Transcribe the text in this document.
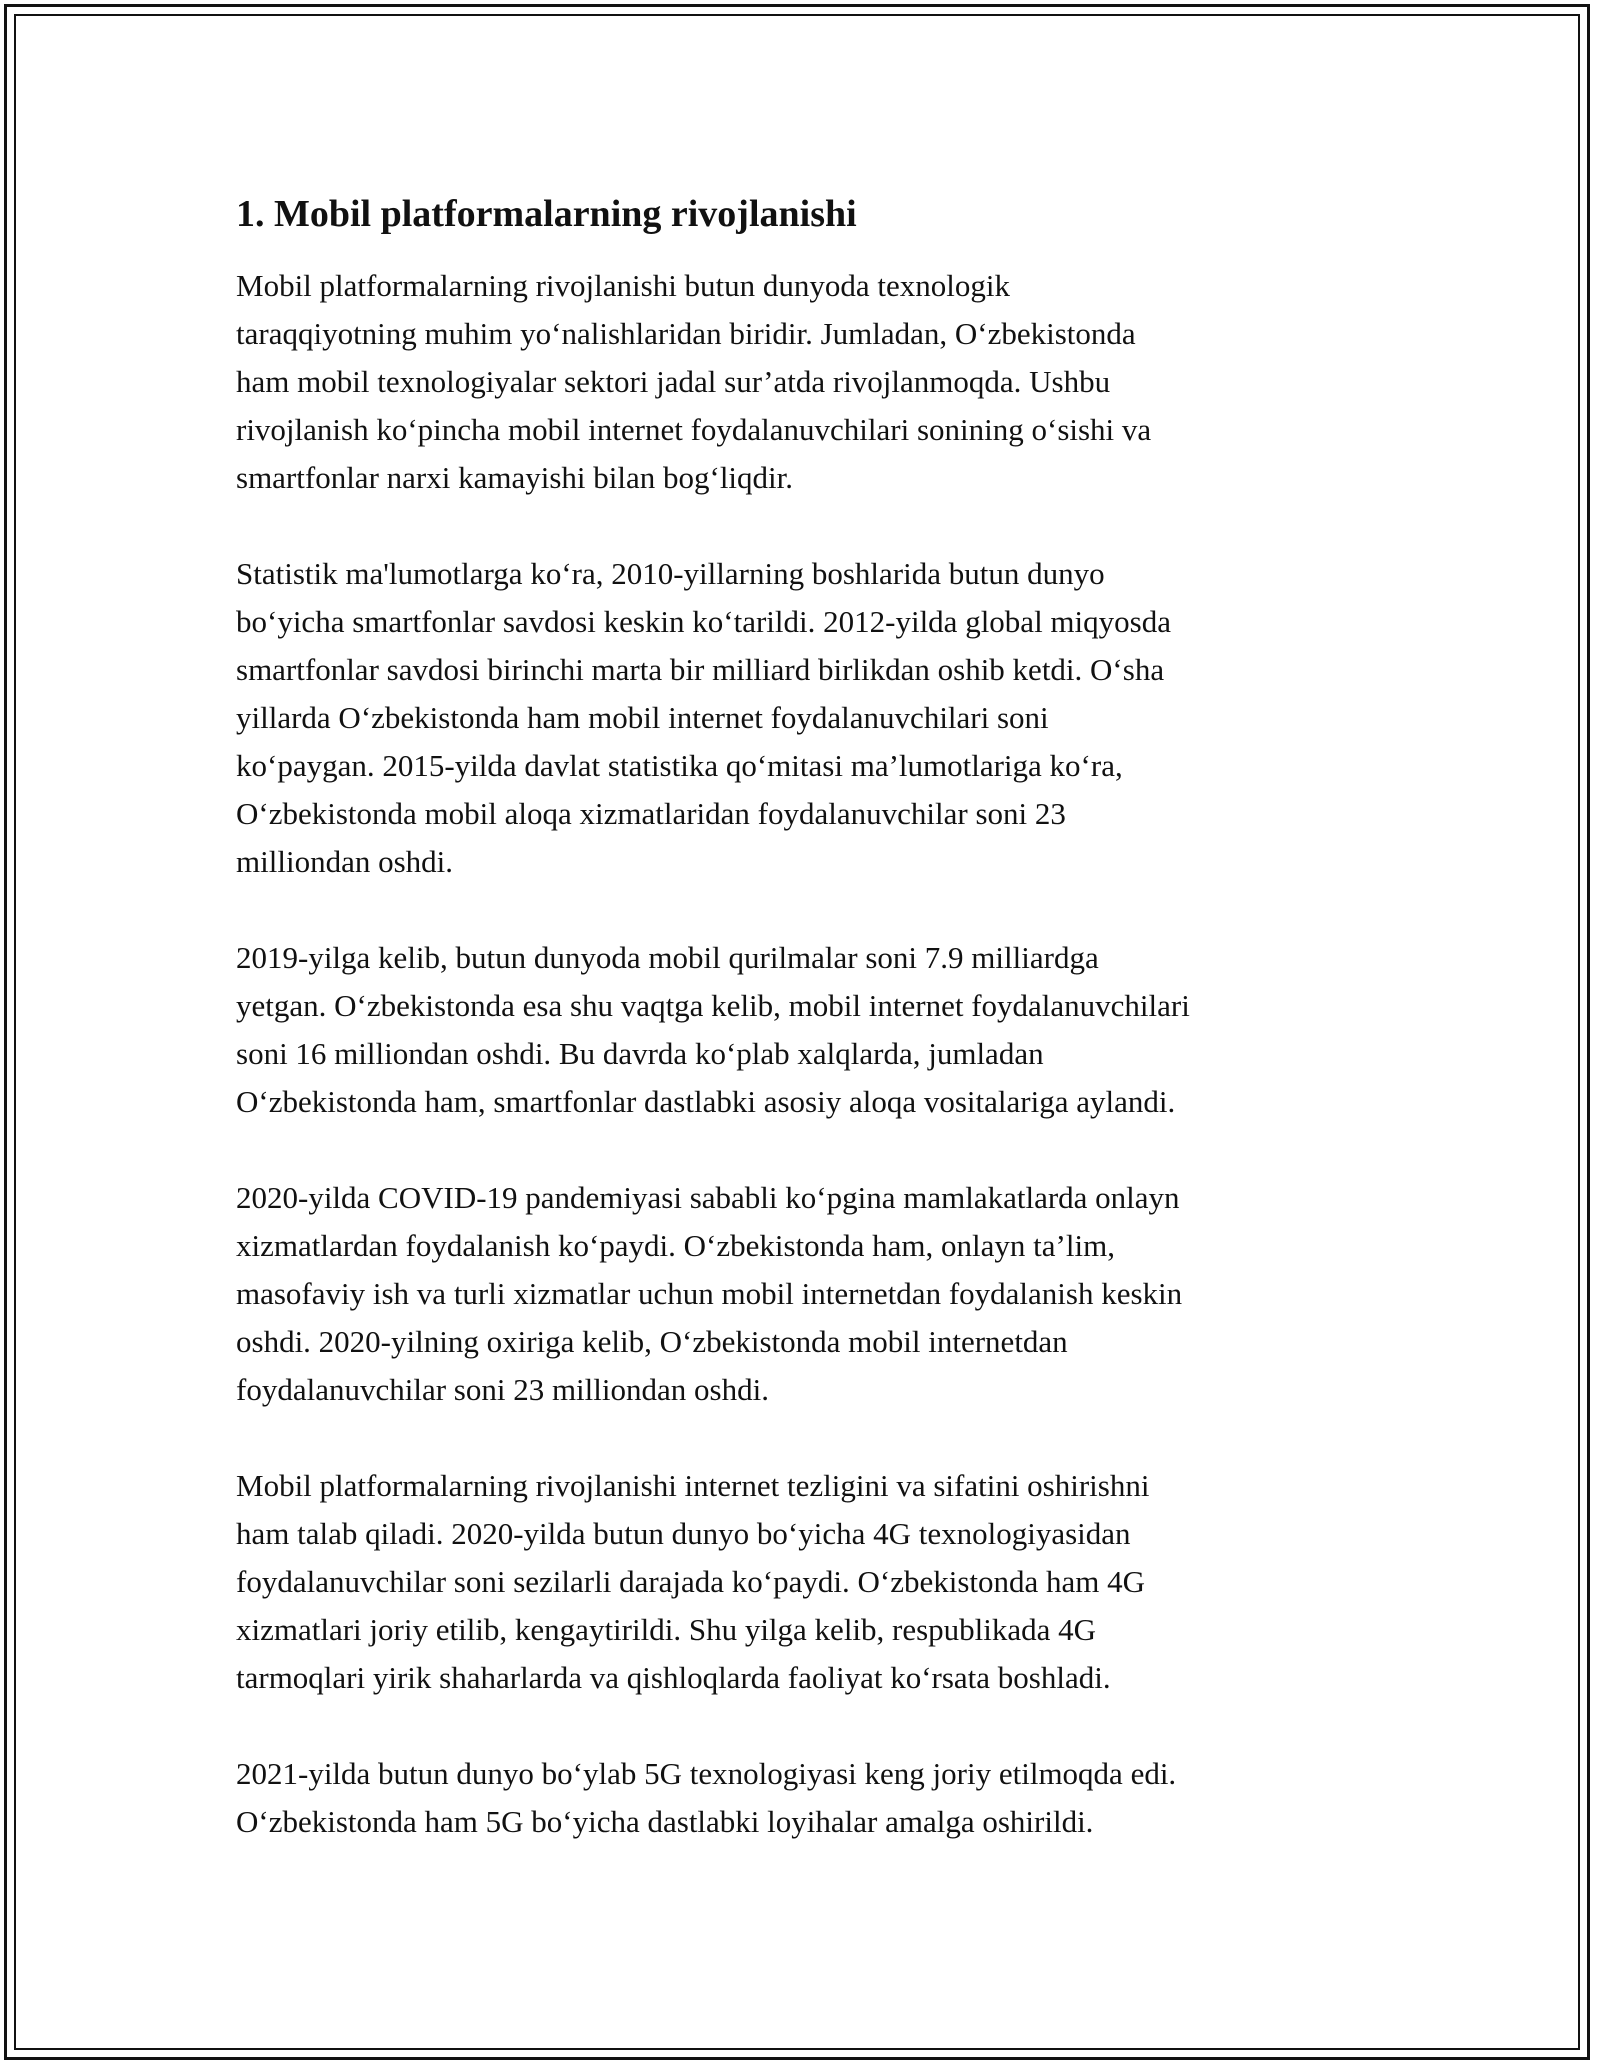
1. Mobil platformalarning rivojlanishi

Mobil platformalarning rivojlanishi butun dunyoda texnologik
taraqqiyotning muhim yoʻnalishlaridan biridir. Jumladan, Oʻzbekistonda
ham mobil texnologiyalar sektori jadal sur’atda rivojlanmoqda. Ushbu
rivojlanish koʻpincha mobil internet foydalanuvchilari sonining oʻsishi va
smartfonlar narxi kamayishi bilan bogʻliqdir.

Statistik ma'lumotlarga koʻra, 2010-yillarning boshlarida butun dunyo
boʻyicha smartfonlar savdosi keskin koʻtarildi. 2012-yilda global miqyosda
smartfonlar savdosi birinchi marta bir milliard birlikdan oshib ketdi. Oʻsha
yillarda Oʻzbekistonda ham mobil internet foydalanuvchilari soni
koʻpaygan. 2015-yilda davlat statistika qoʻmitasi ma’lumotlariga koʻra,
Oʻzbekistonda mobil aloqa xizmatlaridan foydalanuvchilar soni 23
milliondan oshdi.

2019-yilga kelib, butun dunyoda mobil qurilmalar soni 7.9 milliardga
yetgan. Oʻzbekistonda esa shu vaqtga kelib, mobil internet foydalanuvchilari
soni 16 milliondan oshdi. Bu davrda koʻplab xalqlarda, jumladan
Oʻzbekistonda ham, smartfonlar dastlabki asosiy aloqa vositalariga aylandi.

2020-yilda COVID-19 pandemiyasi sababli koʻpgina mamlakatlarda onlayn
xizmatlardan foydalanish koʻpaydi. Oʻzbekistonda ham, onlayn ta’lim,
masofaviy ish va turli xizmatlar uchun mobil internetdan foydalanish keskin
oshdi. 2020-yilning oxiriga kelib, Oʻzbekistonda mobil internetdan
foydalanuvchilar soni 23 milliondan oshdi.

Mobil platformalarning rivojlanishi internet tezligini va sifatini oshirishni
ham talab qiladi. 2020-yilda butun dunyo boʻyicha 4G texnologiyasidan
foydalanuvchilar soni sezilarli darajada koʻpaydi. Oʻzbekistonda ham 4G
xizmatlari joriy etilib, kengaytirildi. Shu yilga kelib, respublikada 4G
tarmoqlari yirik shaharlarda va qishloqlarda faoliyat koʻrsata boshladi.

2021-yilda butun dunyo boʻylab 5G texnologiyasi keng joriy etilmoqda edi.
Oʻzbekistonda ham 5G boʻyicha dastlabki loyihalar amalga oshirildi.
